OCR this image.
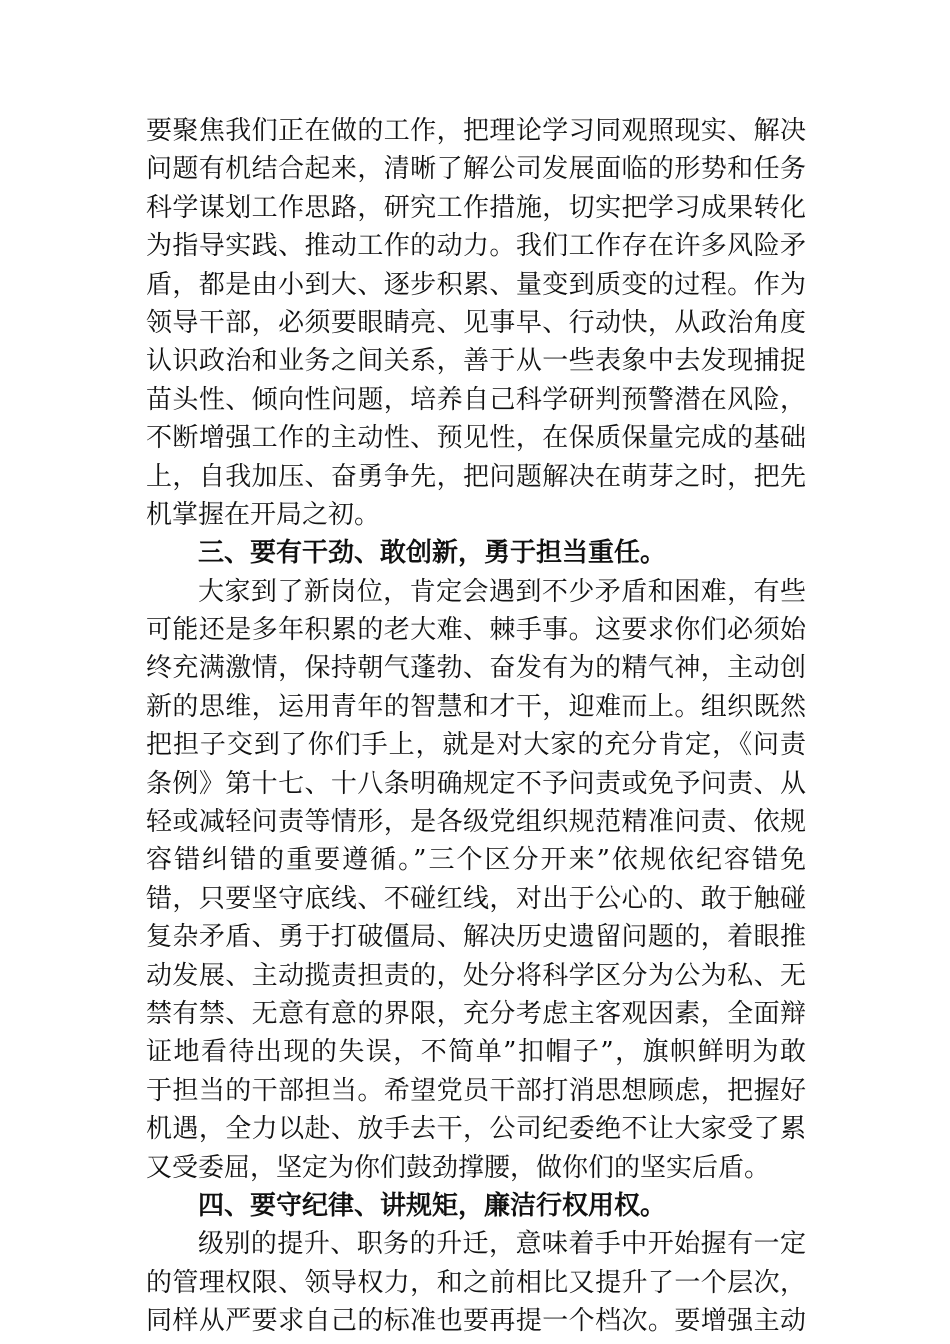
要聚焦我们正在做的工作，把理论学习同观照现实、解决
问题有机结合起来，清晰了解公司发展面临的形势和任务
科学谋划工作思路，研究工作措施，切实把学习成果转化
为指导实践、推动工作的动力。我们工作存在许多风险矛
盾，都是由小到大、逐步积累、量变到质变的过程。作为
领导干部，必须要眼睛亮、见事早、行动快，从政治角度
认识政治和业务之间关系，善于从一些表象中去发现捕捉
苗头性、倾向性问题，培养自己科学研判预警潜在风险，
不断增强工作的主动性、预见性，在保质保量完成的基础
上，自我加压、奋勇争先，把问题解决在萌芽之时，把先
机掌握在开局之初。
三、要有干劲、敢创新，勇于担当重任。
大家到了新岗位，肯定会遇到不少矛盾和困难，有些
可能还是多年积累的老大难、棘手事。这要求你们必须始
终充满激情，保持朝气蓬勃、奋发有为的精气神，主动创
新的思维，运用青年的智慧和才干，迎难而上。组织既然
把担子交到了你们手上，就是对大家的充分肯定，《问责
条例》第十七、十八条明确规定不予问责或免予问责、从
轻或减轻问责等情形，是各级党组织规范精准问责、依规
容错纠错的重要遵循。”三个区分开来”依规依纪容错免
错，只要坚守底线、不碰红线，对出于公心的、敢于触碰
复杂矛盾、勇于打破僵局、解决历史遗留问题的，着眼推
动发展、主动揽责担责的，处分将科学区分为公为私、无
禁有禁、无意有意的界限，充分考虑主客观因素，全面辩
证地看待出现的失误，不简单”扣帽子”，旗帜鲜明为敢
于担当的干部担当。希望党员干部打消思想顾虑，把握好
机遇，全力以赴、放手去干，公司纪委绝不让大家受了累
又受委屈，坚定为你们鼓劲撑腰，做你们的坚实后盾。
四、要守纪律、讲规矩，廉洁行权用权。
级别的提升、职务的升迁，意味着手中开始握有一定
的管理权限、领导权力，和之前相比又提升了一个层次，
同样从严要求自己的标准也要再提一个档次。要增强主动
